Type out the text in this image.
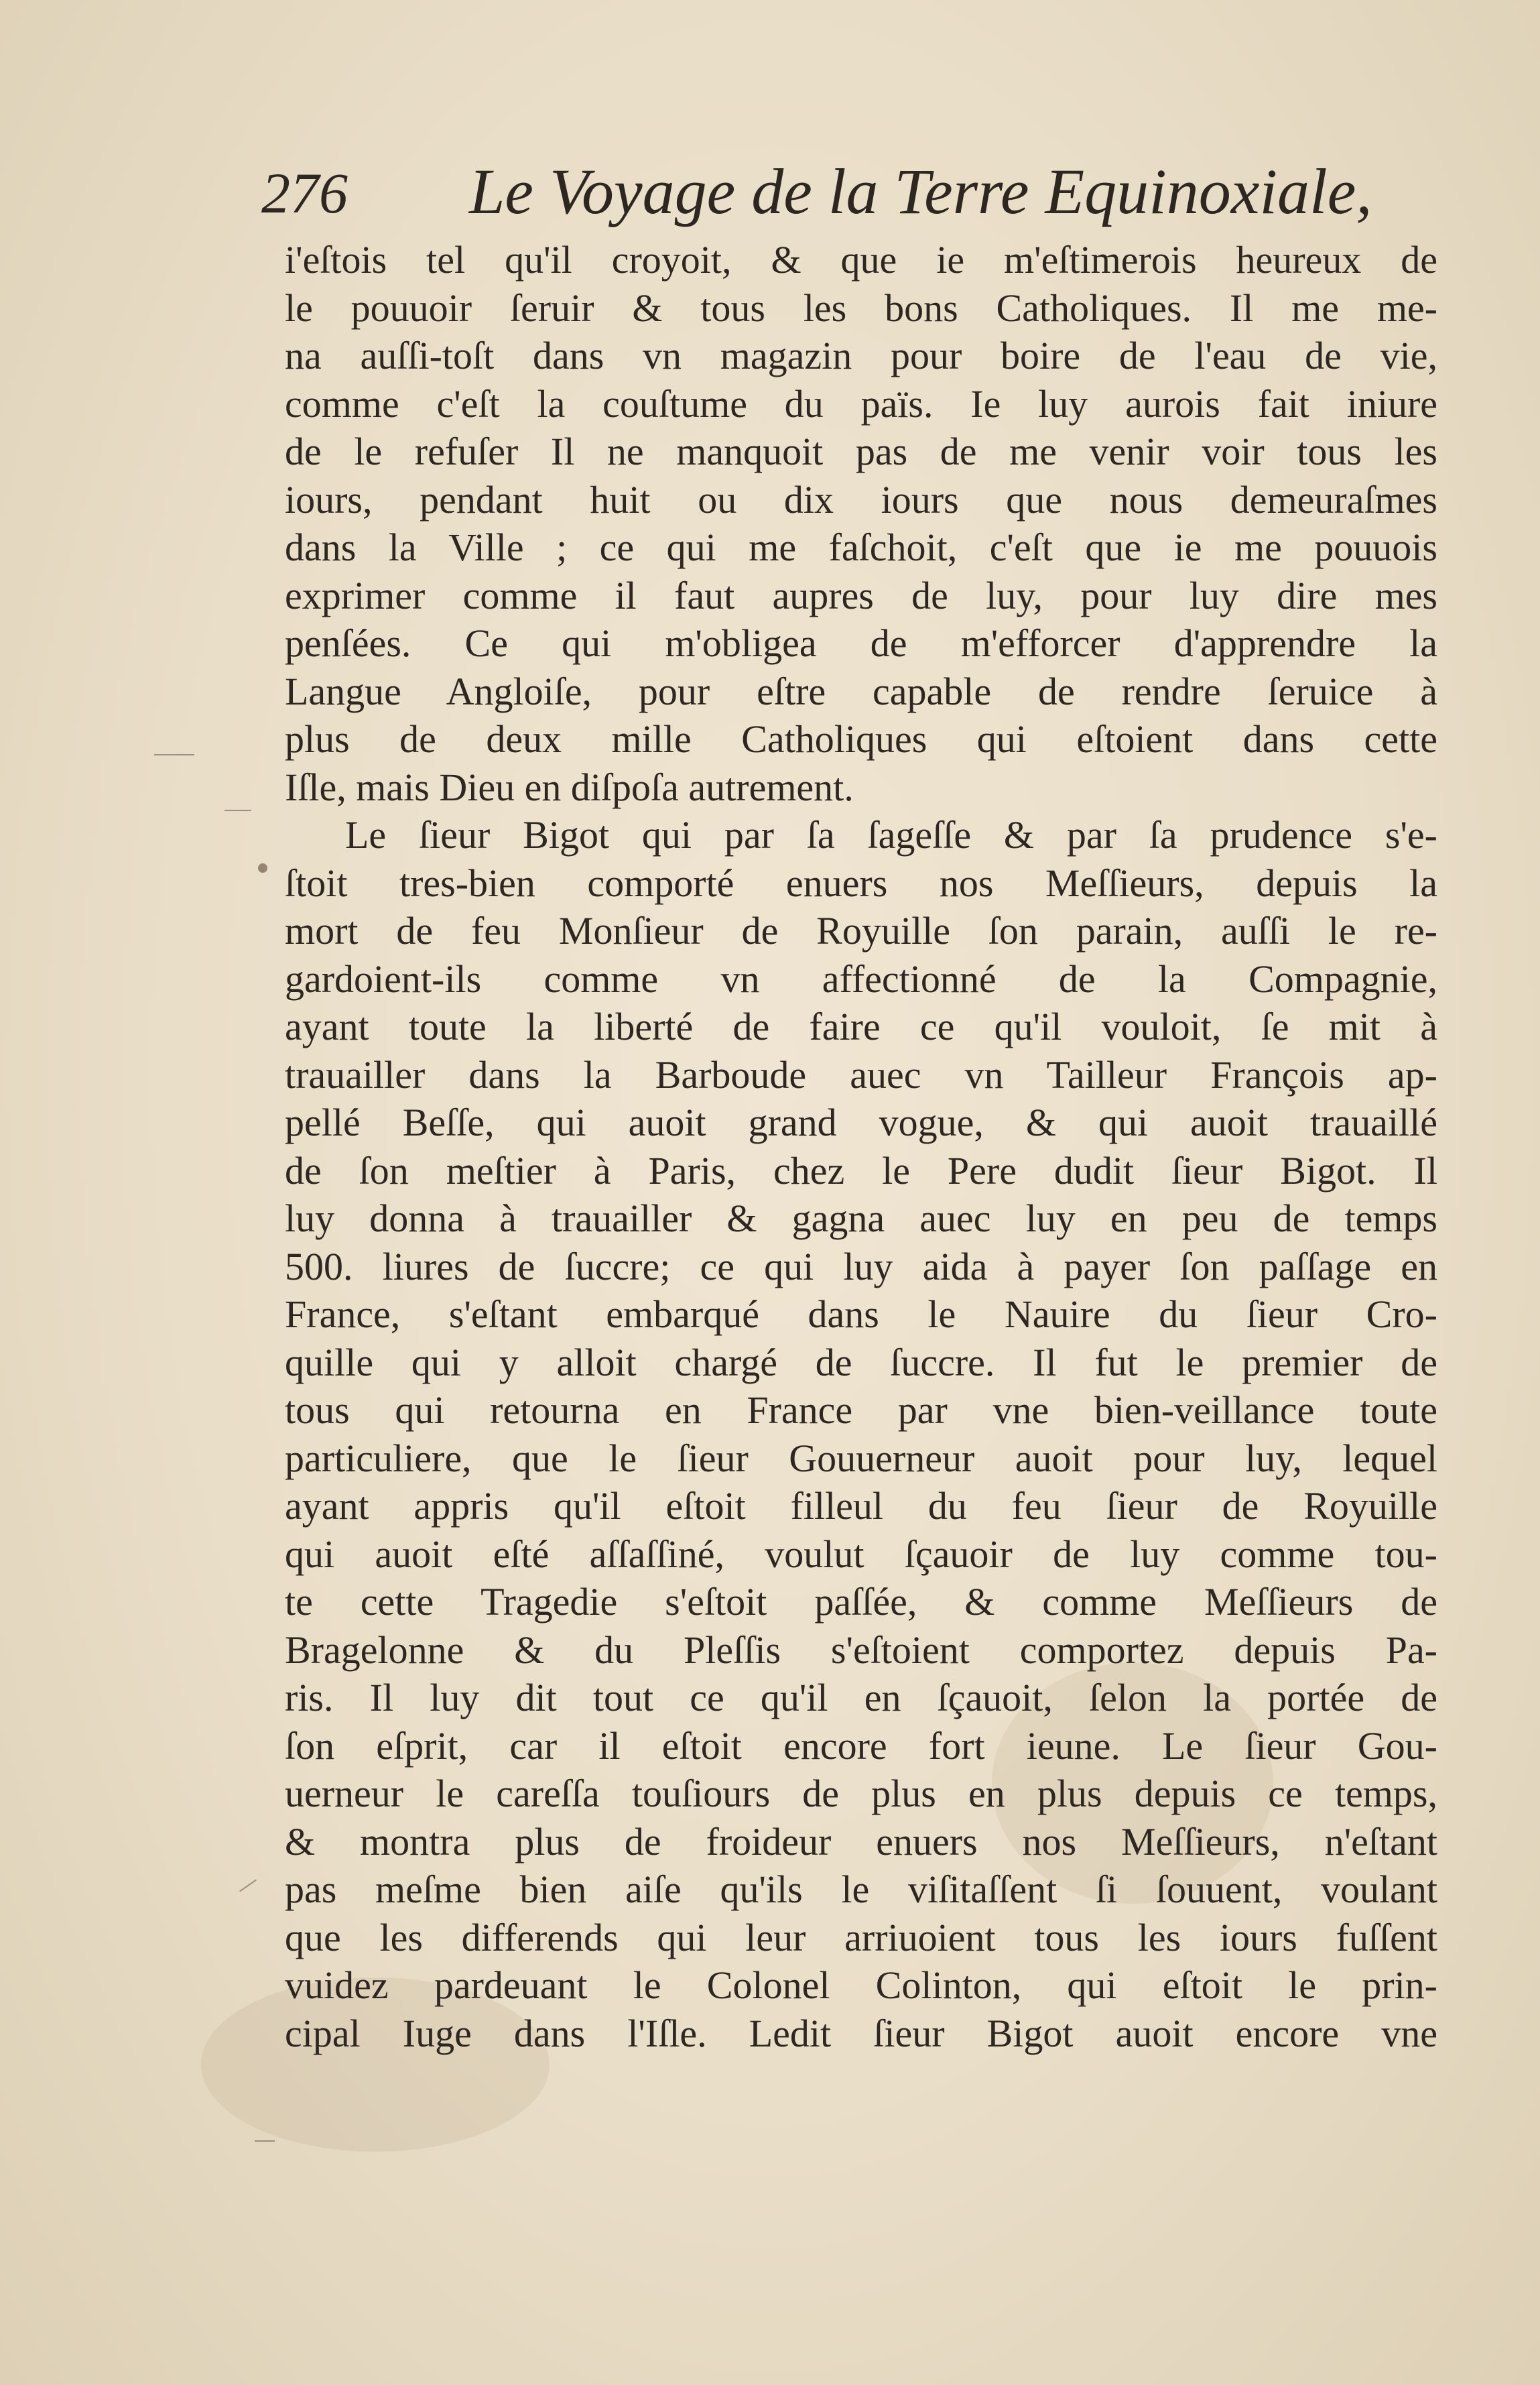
276 Le Voyage de la Terre Equinoxiale,
i'eſtois tel qu'il croyoit, & que ie m'eſtimerois heureux de
le pouuoir ſeruir & tous les bons Catholiques. Il me me-
na auſſi-toſt dans vn magazin pour boire de l'eau de vie,
comme c'eſt la couſtume du païs. Ie luy aurois fait iniure
de le refuſer Il ne manquoit pas de me venir voir tous les
iours, pendant huit ou dix iours que nous demeuraſmes
dans la Ville ; ce qui me faſchoit, c'eſt que ie me pouuois
exprimer comme il faut aupres de luy, pour luy dire mes
penſées. Ce qui m'obligea de m'efforcer d'apprendre la
Langue Angloiſe, pour eſtre capable de rendre ſeruice à
plus de deux mille Catholiques qui eſtoient dans cette
Iſle, mais Dieu en diſpoſa autrement.
Le ſieur Bigot qui par ſa ſageſſe & par ſa prudence s'e-
ſtoit tres-bien comporté enuers nos Meſſieurs, depuis la
mort de feu Monſieur de Royuille ſon parain, auſſi le re-
gardoient-ils comme vn affectionné de la Compagnie,
ayant toute la liberté de faire ce qu'il vouloit, ſe mit à
trauailler dans la Barboude auec vn Tailleur François ap-
pellé Beſſe, qui auoit grand vogue, & qui auoit trauaillé
de ſon meſtier à Paris, chez le Pere dudit ſieur Bigot. Il
luy donna à trauailler & gagna auec luy en peu de temps
500. liures de ſuccre; ce qui luy aida à payer ſon paſſage en
France, s'eſtant embarqué dans le Nauire du ſieur Cro-
quille qui y alloit chargé de ſuccre. Il fut le premier de
tous qui retourna en France par vne bien-veillance toute
particuliere, que le ſieur Gouuerneur auoit pour luy, lequel
ayant appris qu'il eſtoit filleul du feu ſieur de Royuille
qui auoit eſté aſſaſſiné, voulut ſçauoir de luy comme tou-
te cette Tragedie s'eſtoit paſſée, & comme Meſſieurs de
Bragelonne & du Pleſſis s'eſtoient comportez depuis Pa-
ris. Il luy dit tout ce qu'il en ſçauoit, ſelon la portée de
ſon eſprit, car il eſtoit encore fort ieune. Le ſieur Gou-
uerneur le careſſa touſiours de plus en plus depuis ce temps,
& montra plus de froideur enuers nos Meſſieurs, n'eſtant
pas meſme bien aiſe qu'ils le viſitaſſent ſi ſouuent, voulant
que les differends qui leur arriuoient tous les iours fuſſent
vuidez pardeuant le Colonel Colinton, qui eſtoit le prin-
cipal Iuge dans l'Iſle. Ledit ſieur Bigot auoit encore vne
